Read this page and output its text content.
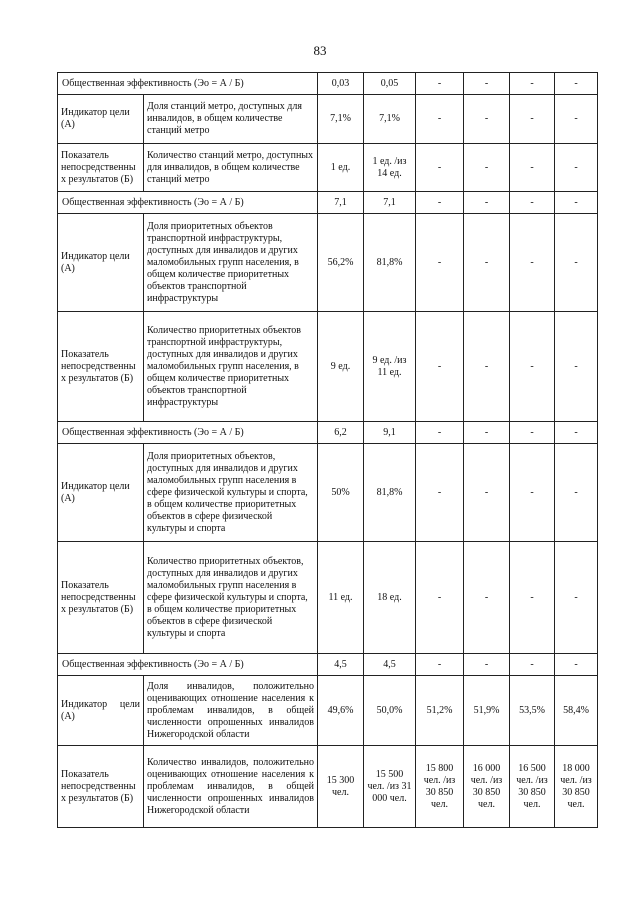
83
Общественная эффективность (Эо = А / Б)		0,03	0,05	-	-	-	-
Индикатор цели (А)	Доля станций метро, доступных для инвалидов, в общем количестве станций метро	7,1%	7,1%	-	-	-	-
Показатель непосредственны х результатов (Б)	Количество станций метро, доступных для инвалидов, в общем количестве станций метро	1 ед.	1 ед. /из 14 ед.	-	-	-	-
Общественная эффективность (Эо = А / Б)		7,1	7,1	-	-	-	-
Индикатор цели (А)	Доля приоритетных объектов транспортной инфраструктуры, доступных для инвалидов и других маломобильных групп населения, в общем количестве приоритетных объектов транспортной инфраструктуры	56,2%	81,8%	-	-	-	-
Показатель непосредственны х результатов (Б)	Количество приоритетных объектов транспортной инфраструктуры, доступных для инвалидов и других маломобильных групп населения, в общем количестве приоритетных объектов транспортной инфраструктуры	9 ед.	9 ед. /из 11 ед.	-	-	-	-
Общественная эффективность (Эо = А / Б)		6,2	9,1	-	-	-	-
Индикатор цели (А)	Доля приоритетных объектов, доступных для инвалидов и других маломобильных групп населения в сфере физической культуры и спорта, в общем количестве приоритетных объектов в сфере физической культуры и спорта	50%	81,8%	-	-	-	-
Показатель непосредственны х результатов (Б)	Количество приоритетных объектов, доступных для инвалидов и других маломобильных групп населения в сфере физической культуры и спорта, в общем количестве приоритетных объектов в сфере физической культуры и спорта	11 ед.	18 ед.	-	-	-	-
Общественная эффективность (Эо = А / Б)		4,5	4,5	-	-	-	-
Индикатор цели (А)	Доля инвалидов, положительно оценивающих отношение населения к проблемам инвалидов, в общей численности опрошенных инвалидов Нижегородской области	49,6%	50,0%	51,2%	51,9%	53,5%	58,4%
Показатель непосредственны х результатов (Б)	Количество инвалидов, положительно оценивающих отношение населения к проблемам инвалидов, в общей численности опрошенных инвалидов Нижегородской области	15 300 чел.	15 500 чел. /из 31 000 чел.	15 800 чел. /из 30 850 чел.	16 000 чел. /из 30 850 чел.	16 500 чел. /из 30 850 чел.	18 000 чел. /из 30 850 чел.
